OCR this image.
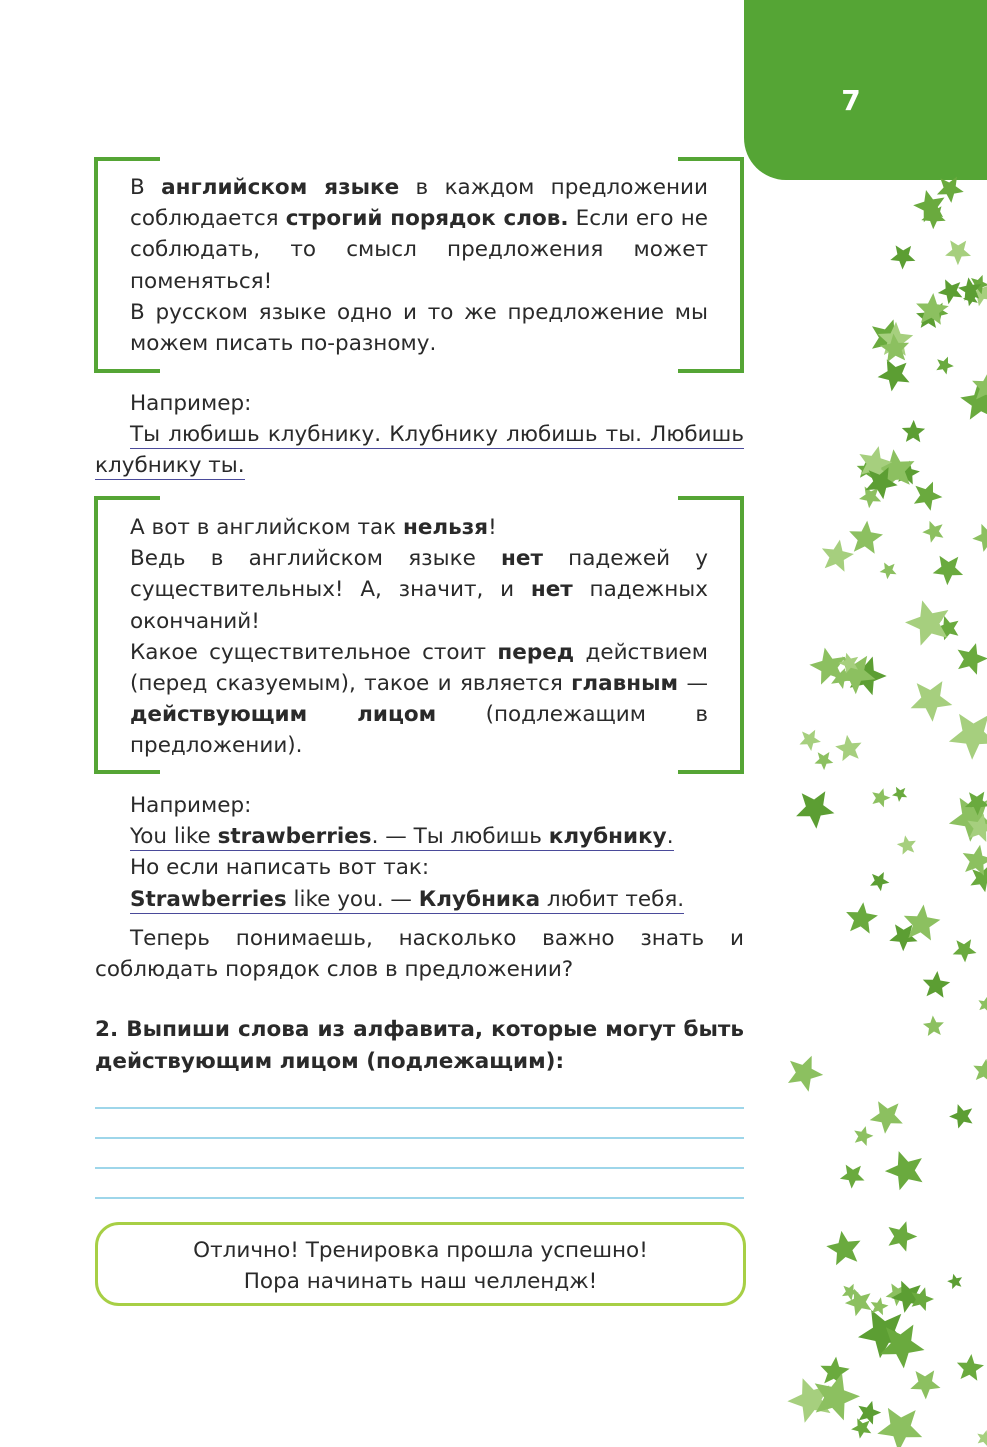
7

В английском языке в каждом предложении соблюдается строгий порядок слов. Если его не соблюдать, то смысл предложения может поменяться!

В русском языке одно и то же предложение мы можем писать по-разному.

Например:

Ты любишь клубнику. Клубнику любишь ты. Любишь клубнику ты.

А вот в английском так нельзя!

Ведь в английском языке нет падежей у существительных! А, значит, и нет падежных окончаний!

Какое существительное стоит перед действием (перед сказуемым), такое и является главным — действующим лицом (подлежащим в предложении).

Например:

You like strawberries. — Ты любишь клубнику.

Но если написать вот так:

Strawberries like you. — Клубника любит тебя.

Теперь понимаешь, насколько важно знать и соблюдать порядок слов в предложении?

2. Выпиши слова из алфавита, которые могут быть действующим лицом (подлежащим):
Отлично! Тренировка прошла успешно!
Пора начинать наш челлендж!
